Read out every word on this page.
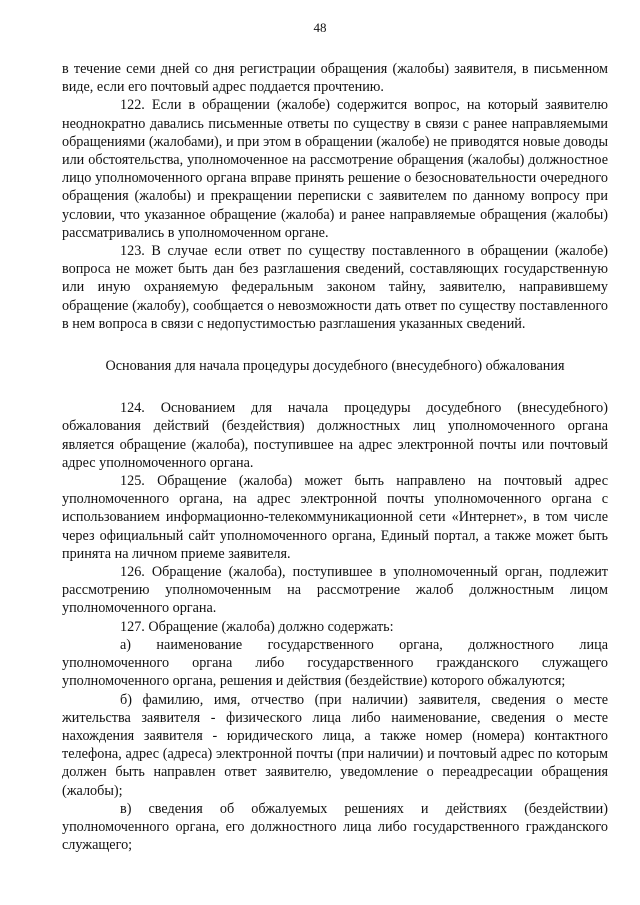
48

в течение семи дней со дня регистрации обращения (жалобы) заявителя, в письменном виде, если его почтовый адрес поддается прочтению.

122. Если в обращении (жалобе) содержится вопрос, на который заявителю неоднократно давались письменные ответы по существу в связи с ранее направляемыми обращениями (жалобами), и при этом в обращении (жалобе) не приводятся новые доводы или обстоятельства, уполномоченное на рассмотрение обращения (жалобы) должностное лицо уполномоченного органа вправе принять решение о безосновательности очередного обращения (жалобы) и прекращении переписки с заявителем по данному вопросу при условии, что указанное обращение (жалоба) и ранее направляемые обращения (жалобы) рассматривались в уполномоченном органе.

123. В случае если ответ по существу поставленного в обращении (жалобе) вопроса не может быть дан без разглашения сведений, составляющих государственную или иную охраняемую федеральным законом тайну, заявителю, направившему обращение (жалобу), сообщается о невозможности дать ответ по существу поставленного в нем вопроса в связи с недопустимостью разглашения указанных сведений.

Основания для начала процедуры досудебного (внесудебного) обжалования

124. Основанием для начала процедуры досудебного (внесудебного) обжалования действий (бездействия) должностных лиц уполномоченного органа является обращение (жалоба), поступившее на адрес электронной почты или почтовый адрес уполномоченного органа.

125. Обращение (жалоба) может быть направлено на почтовый адрес уполномоченного органа, на адрес электронной почты уполномоченного органа с использованием информационно-телекоммуникационной сети «Интернет», в том числе через официальный сайт уполномоченного органа, Единый портал, а также может быть принята на личном приеме заявителя.

126. Обращение (жалоба), поступившее в уполномоченный орган, подлежит рассмотрению уполномоченным на рассмотрение жалоб должностным лицом уполномоченного органа.

127. Обращение (жалоба) должно содержать:

а) наименование государственного органа, должностного лица уполномоченного органа либо государственного гражданского служащего уполномоченного органа, решения и действия (бездействие) которого обжалуются;

б) фамилию, имя, отчество (при наличии) заявителя, сведения о месте жительства заявителя - физического лица либо наименование, сведения о месте нахождения заявителя - юридического лица, а также номер (номера) контактного телефона, адрес (адреса) электронной почты (при наличии) и почтовый адрес по которым должен быть направлен ответ заявителю, уведомление о переадресации обращения (жалобы);

в) сведения об обжалуемых решениях и действиях (бездействии) уполномоченного органа, его должностного лица либо государственного гражданского служащего;
